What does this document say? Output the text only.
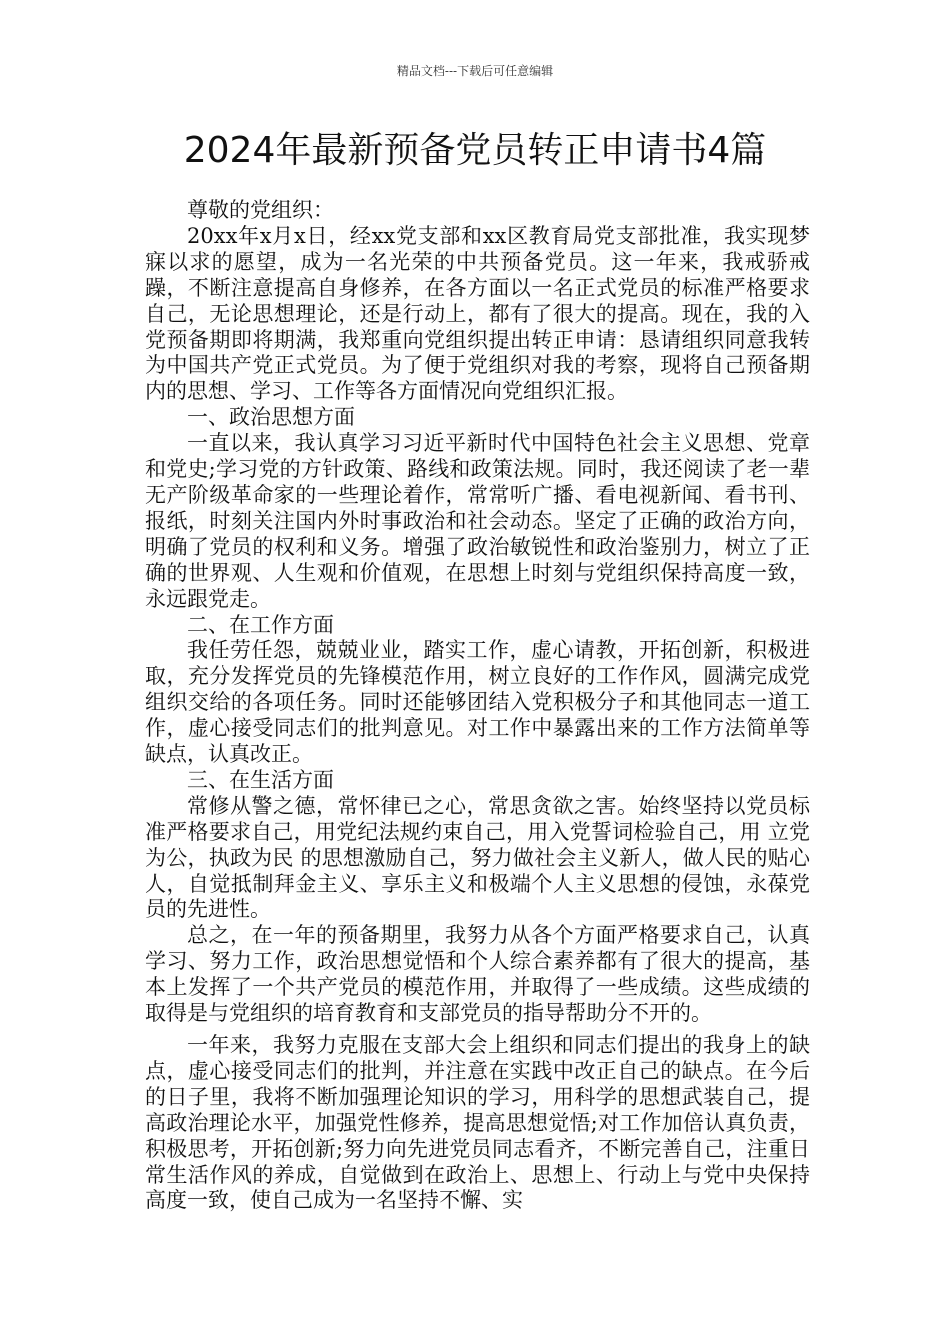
精品文档---下载后可任意编辑
2024年最新预备党员转正申请书4篇

尊敬的党组织：

20xx年x月x日，经xx党支部和xx区教育局党支部批准，我实现梦寐以求的愿望，成为一名光荣的中共预备党员。这一年来，我戒骄戒躁，不断注意提高自身修养，在各方面以一名正式党员的标准严格要求自己，无论思想理论，还是行动上，都有了很大的提高。现在，我的入党预备期即将期满，我郑重向党组织提出转正申请：恳请组织同意我转为中国共产党正式党员。为了便于党组织对我的考察，现将自己预备期内的思想、学习、工作等各方面情况向党组织汇报。

一、政治思想方面

一直以来，我认真学习习近平新时代中国特色社会主义思想、党章和党史;学习党的方针政策、路线和政策法规。同时，我还阅读了老一辈无产阶级革命家的一些理论着作，常常听广播、看电视新闻、看书刊、报纸，时刻关注国内外时事政治和社会动态。坚定了正确的政治方向，明确了党员的权利和义务。增强了政治敏锐性和政治鉴别力，树立了正确的世界观、人生观和价值观，在思想上时刻与党组织保持高度一致，永远跟党走。

二、在工作方面

我任劳任怨，兢兢业业，踏实工作，虚心请教，开拓创新，积极进取，充分发挥党员的先锋模范作用，树立良好的工作作风，圆满完成党组织交给的各项任务。同时还能够团结入党积极分子和其他同志一道工作，虚心接受同志们的批判意见。对工作中暴露出来的工作方法简单等缺点，认真改正。

三、在生活方面

常修从警之德，常怀律已之心，常思贪欲之害。始终坚持以党员标准严格要求自己，用党纪法规约束自己，用入党誓词检验自己，用 立党为公，执政为民 的思想激励自己，努力做社会主义新人，做人民的贴心人，自觉抵制拜金主义、享乐主义和极端个人主义思想的侵蚀，永葆党员的先进性。

总之，在一年的预备期里，我努力从各个方面严格要求自己，认真学习、努力工作，政治思想觉悟和个人综合素养都有了很大的提高，基本上发挥了一个共产党员的模范作用，并取得了一些成绩。这些成绩的取得是与党组织的培育教育和支部党员的指导帮助分不开的。

一年来，我努力克服在支部大会上组织和同志们提出的我身上的缺点，虚心接受同志们的批判，并注意在实践中改正自己的缺点。在今后的日子里，我将不断加强理论知识的学习，用科学的思想武装自己，提高政治理论水平，加强党性修养，提高思想觉悟;对工作加倍认真负责，积极思考，开拓创新;努力向先进党员同志看齐，不断完善自己，注重日常生活作风的养成，自觉做到在政治上、思想上、行动上与党中央保持高度一致，使自己成为一名坚持不懈、实
